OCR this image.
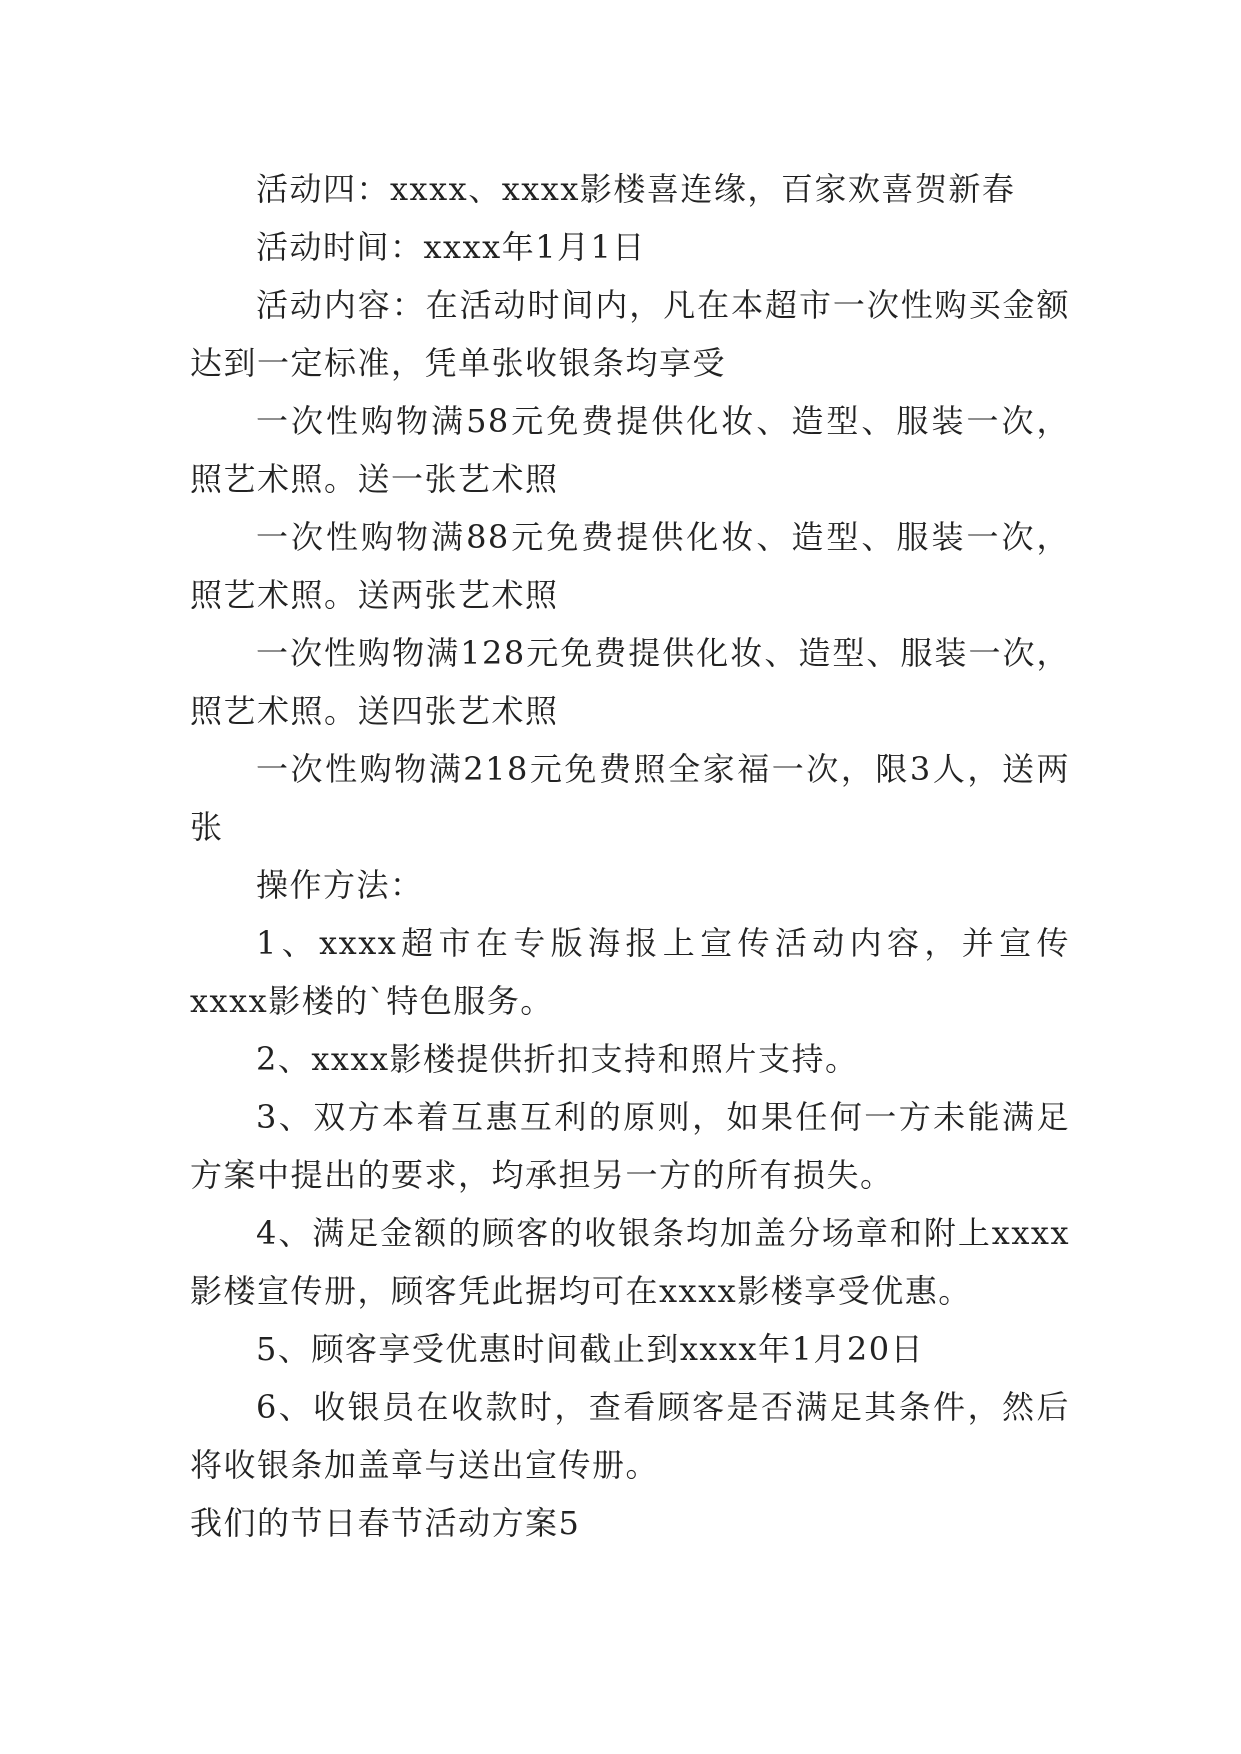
活动四：xxxx、xxxx影楼喜连缘，百家欢喜贺新春

活动时间：xxxx年1月1日

活动内容：在活动时间内，凡在本超市一次性购买金额达到一定标准，凭单张收银条均享受

一次性购物满58元免费提供化妆、造型、服装一次，照艺术照。送一张艺术照

一次性购物满88元免费提供化妆、造型、服装一次，照艺术照。送两张艺术照

一次性购物满128元免费提供化妆、造型、服装一次，照艺术照。送四张艺术照

一次性购物满218元免费照全家福一次，限3人，送两张

操作方法：

1、xxxx超市在专版海报上宣传活动内容，并宣传xxxx影楼的`特色服务。

2、xxxx影楼提供折扣支持和照片支持。

3、双方本着互惠互利的原则，如果任何一方未能满足方案中提出的要求，均承担另一方的所有损失。

4、满足金额的顾客的收银条均加盖分场章和附上xxxx影楼宣传册，顾客凭此据均可在xxxx影楼享受优惠。

5、顾客享受优惠时间截止到xxxx年1月20日

6、收银员在收款时，查看顾客是否满足其条件，然后将收银条加盖章与送出宣传册。

我们的节日春节活动方案5
